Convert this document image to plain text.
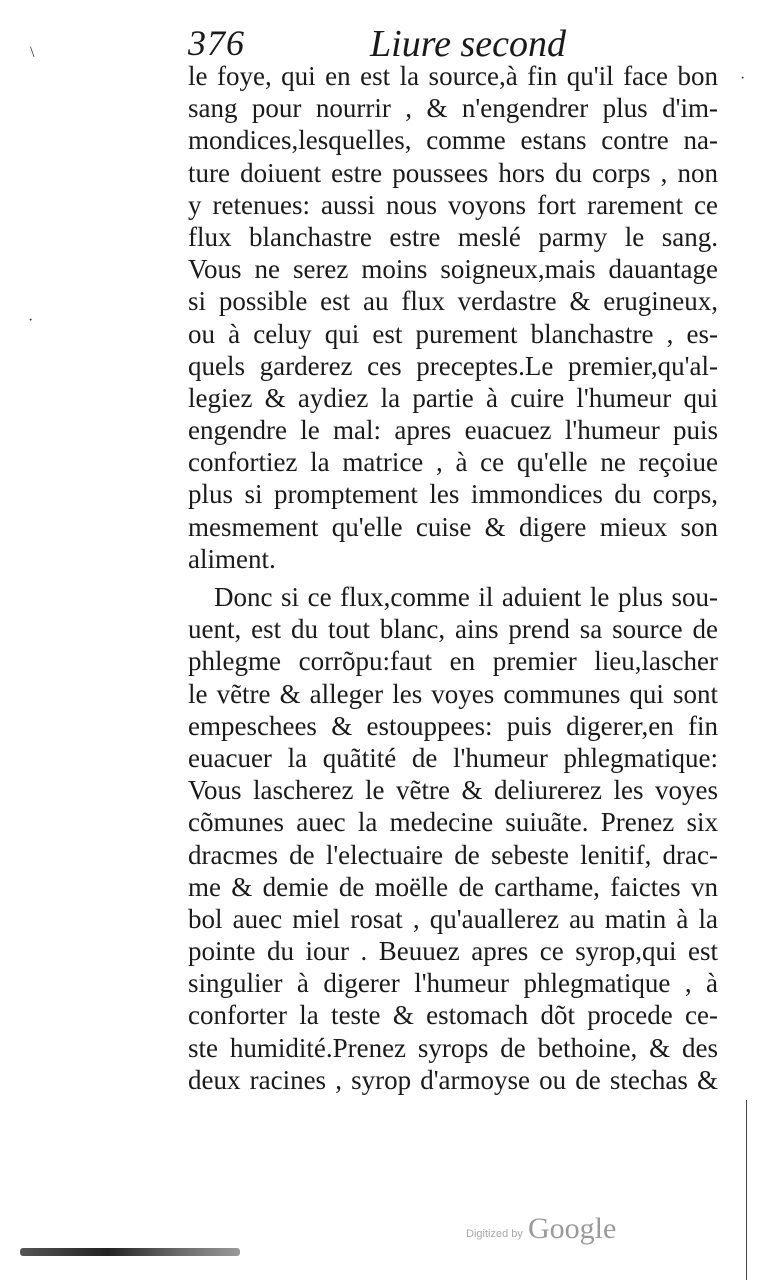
376	Liure second
le foye, qui en est la source,à fin qu'il face bon
sang pour nourrir , & n'engendrer plus d'im-
mondices,lesquelles, comme estans contre na-
ture doiuent estre poussees hors du corps , non
y retenues: aussi nous voyons fort rarement ce
flux blanchastre estre meslé parmy le sang.
Vous ne serez moins soigneux,mais dauantage
si possible est au flux verdastre & erugineux,
ou à celuy qui est purement blanchastre , es-
quels garderez ces preceptes.Le premier,qu'al-
legiez & aydiez la partie à cuire l'humeur qui
engendre le mal: apres euacuez l'humeur puis
confortiez la matrice , à ce qu'elle ne reçoiue
plus si promptement les immondices du corps,
mesmement qu'elle cuise & digere mieux son
aliment.
Donc si ce flux,comme il aduient le plus sou-
uent, est du tout blanc, ains prend sa source de
phlegme corrõpu:faut en premier lieu,lascher
le vẽtre & alleger les voyes communes qui sont
empeschees & estouppees: puis digerer,en fin
euacuer la quãtité de l'humeur phlegmatique:
Vous lascherez le vẽtre & deliurerez les voyes
cõmunes auec la medecine suiuãte. Prenez six
dracmes de l'electuaire de sebeste lenitif, drac-
me & demie de moëlle de carthame, faictes vn
bol auec miel rosat , qu'auallerez au matin à la
pointe du iour . Beuuez apres ce syrop,qui est
singulier à digerer l'humeur phlegmatique , à
conforter la teste & estomach dõt procede ce-
ste humidité.Prenez syrops de bethoine, & des
deux racines , syrop d'armoyse ou de stechas &
\
·
·
Digitized by Google
